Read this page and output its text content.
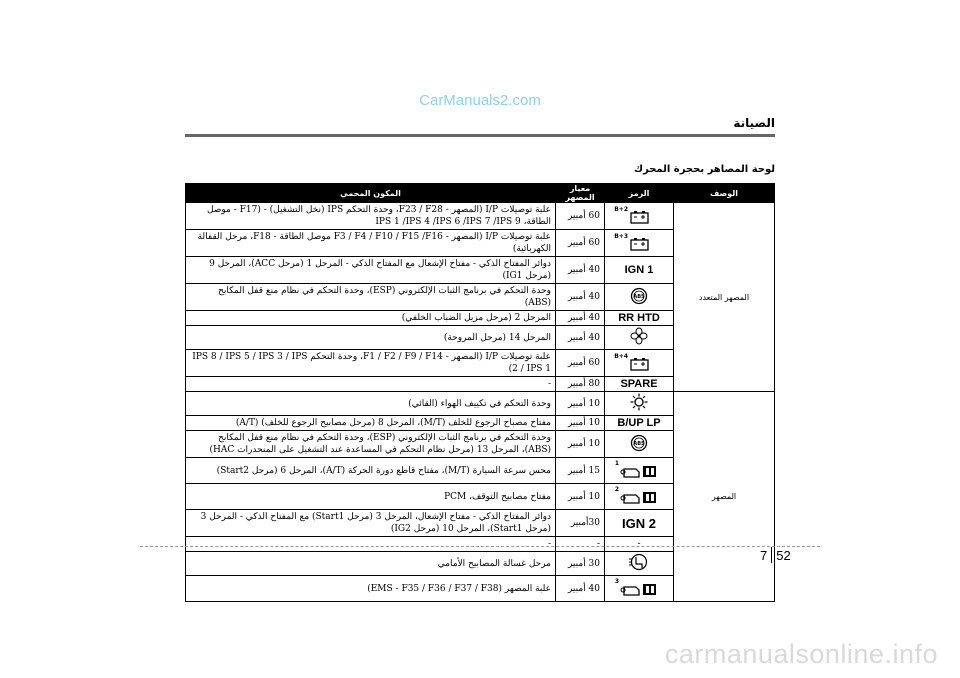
CarManuals2.com
الصيانة
لوحة المصاهر بحجرة المحرك
الوصف	الرمز	معيار المصهر	المكون المحمي
المصهر المتعدد	B+2	60 أمبير	علبة توصيلات I/P (المصهر - F23 / F28، وحدة التحكم IPS (نخل التشغيل) - (F17 - موصل الطاقة، IPS 1 /IPS 4 /IPS 6 /IPS 7 /IPS 9

B+3	60 أمبير	علبة توصيلات I/P (المصهر - F3 / F4 / F10 / F15 /F16 موصل الطاقة - F18، مرحل القفالة الكهربائية)
	IGN 1	40 أمبير	دوائر المفتاح الذكي - مفتاح الإشعال مع المفتاح الذكي - المرحل 1 (مرحل ACC)، المرحل 9 (مرحل IG1)

ABS	40 أمبير	وحدة التحكم في برنامج الثبات الإلكتروني (ESP)، وحدة التحكم في نظام منع قفل المكابح (ABS)
	RR HTD	40 أمبير	المرحل 2 (مرحل مزيل الضباب الخلفي)
	40 أمبير	المرحل 14 (مرحل المروحة)

B+4	60 أمبير	علبة توصيلات I/P (المصهر - F1 / F2 / F9 / F14، وحدة التحكم IPS 8 / IPS 5 / IPS 3 / IPS 2 / IPS 1)
	SPARE	80 أمبير	-
المصهر		10 أمبير	وحدة التحكم في تكييف الهواء (القائي)
	B/UP LP	10 أمبير	مفتاح مصباح الرجوع للخلف (M/T)، المرحل 8 (مرحل مصابيح الرجوع للخلف) (A/T)

ABS	10 أمبير	وحدة التحكم في برنامج الثبات الإلكتروني (ESP)، وحدة التحكم في نظام منع قفل المكابح (ABS)، المرحل 13 (مرحل نظام التحكم في المساعدة عند التشغيل على المنحدرات HAC)

1	15 أمبير	محس سرعة السيارة (M/T)، مفتاح قاطع دورة الحركة (A/T)، المرحل 6 (مرحل Start2)

2	10 أمبير	مفتاح مصابيح التوقف، PCM
	IGN 2	30أمبير	دوائر المفتاح الذكي - مفتاح الإشعال، المرحل 3 (مرحل Start1) مع المفتاح الذكي - المرحل 3 (مرحل Start1)، المرحل 10 (مرحل IG2)
	-	-	-
	30 أمبير	مرحل غسالة المصابيح الأمامي

3	40 أمبير	علبة المصهر (EMS - F35 / F36 / F37 / F38)
7 52
carmanualsonline.info
